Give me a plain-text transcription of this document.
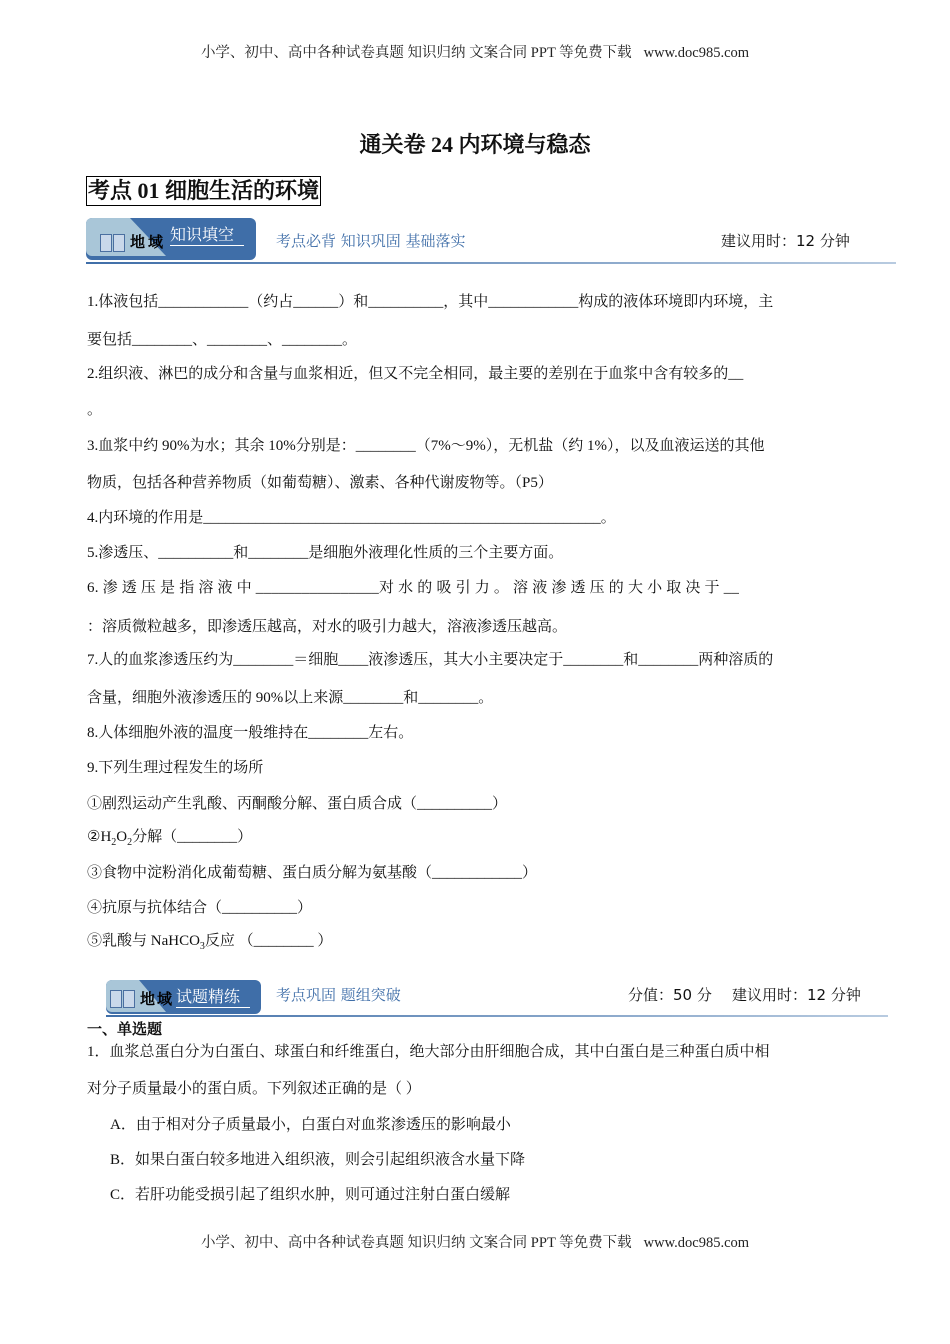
小学、初中、高中各种试卷真题 知识归纳 文案合同 PPT 等免费下载 www.doc985.com
通关卷 24 内环境与稳态
考点 01 细胞生活的环境
地 域 知识填空	考点必背 知识巩固 基础落实	建议用时：12 分钟
1.体液包括____________（约占______）和__________，其中____________构成的液体环境即内环境，主
要包括________、________、________。
2.组织液、淋巴的成分和含量与血浆相近，但又不完全相同，最主要的差别在于血浆中含有较多的__
。
3.血浆中约 90%为水；其余 10%分别是：________（7%～9%），无机盐（约 1%），以及血液运送的其他
物质，包括各种营养物质（如葡萄糖）、激素、各种代谢废物等。（P5）
4.内环境的作用是_____________________________________________________。
5.渗透压、__________和________是细胞外液理化性质的三个主要方面。
6. 渗 透 压 是 指 溶 液 中 ________________对 水 的 吸 引 力 。 溶 液 渗 透 压 的 大 小 取 决 于 __
：溶质微粒越多，即渗透压越高，对水的吸引力越大，溶液渗透压越高。
7.人的血浆渗透压约为________＝细胞____液渗透压，其大小主要决定于________和________两种溶质的
含量，细胞外液渗透压的 90%以上来源________和________。
8.人体细胞外液的温度一般维持在________左右。
9.下列生理过程发生的场所
①剧烈运动产生乳酸、丙酮酸分解、蛋白质合成（__________）
$②H_2O_2$分解（________）
③食物中淀粉消化成葡萄糖、蛋白质分解为氨基酸（____________）
④抗原与抗体结合（__________）
⑤乳酸与 NaHCO$_3$反应 （________ ）
地 域 试题精练	考点巩固 题组突破	分值：50 分 建议用时：12 分钟
一、单选题
1．血浆总蛋白分为白蛋白、球蛋白和纤维蛋白，绝大部分由肝细胞合成，其中白蛋白是三种蛋白质中相
对分子质量最小的蛋白质。下列叙述正确的是（ ）
A．由于相对分子质量最小，白蛋白对血浆渗透压的影响最小
B．如果白蛋白较多地进入组织液，则会引起组织液含水量下降
C．若肝功能受损引起了组织水肿，则可通过注射白蛋白缓解
小学、初中、高中各种试卷真题 知识归纳 文案合同 PPT 等免费下载 www.doc985.com
